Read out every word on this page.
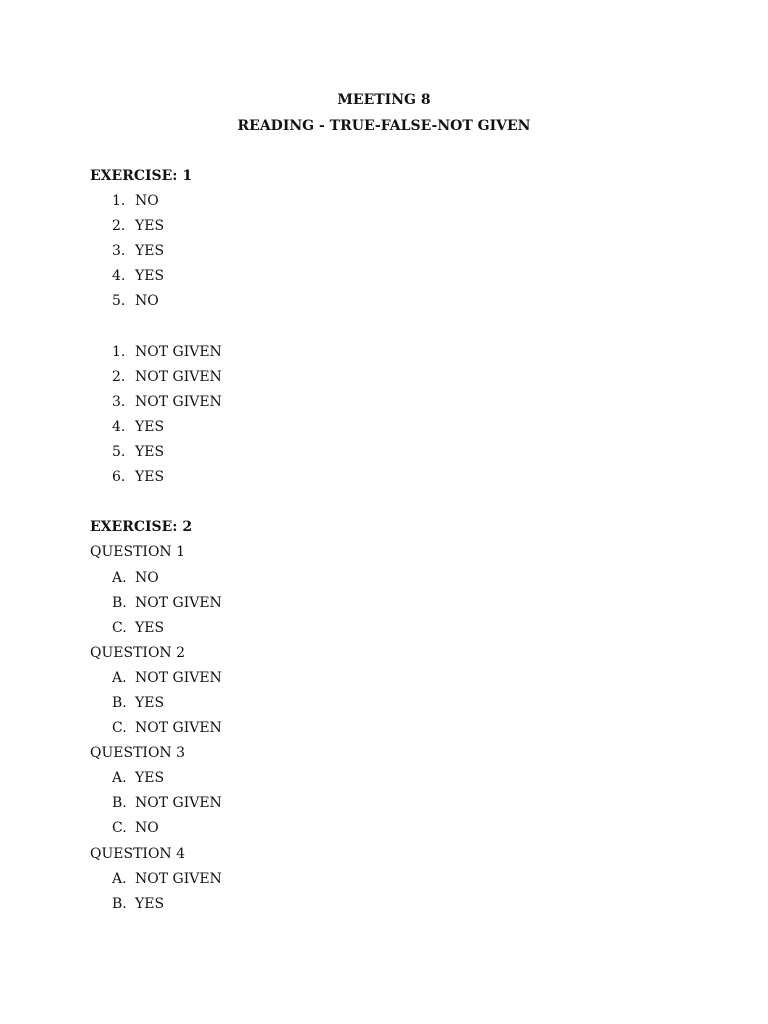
MEETING 8
READING - TRUE-FALSE-NOT GIVEN
EXERCISE: 1
1. NO
2. YES
3. YES
4. YES
5. NO
1. NOT GIVEN
2. NOT GIVEN
3. NOT GIVEN
4. YES
5. YES
6. YES
EXERCISE: 2
QUESTION 1
A. NO
B. NOT GIVEN
C. YES
QUESTION 2
A. NOT GIVEN
B. YES
C. NOT GIVEN
QUESTION 3
A. YES
B. NOT GIVEN
C. NO
QUESTION 4
A. NOT GIVEN
B. YES
